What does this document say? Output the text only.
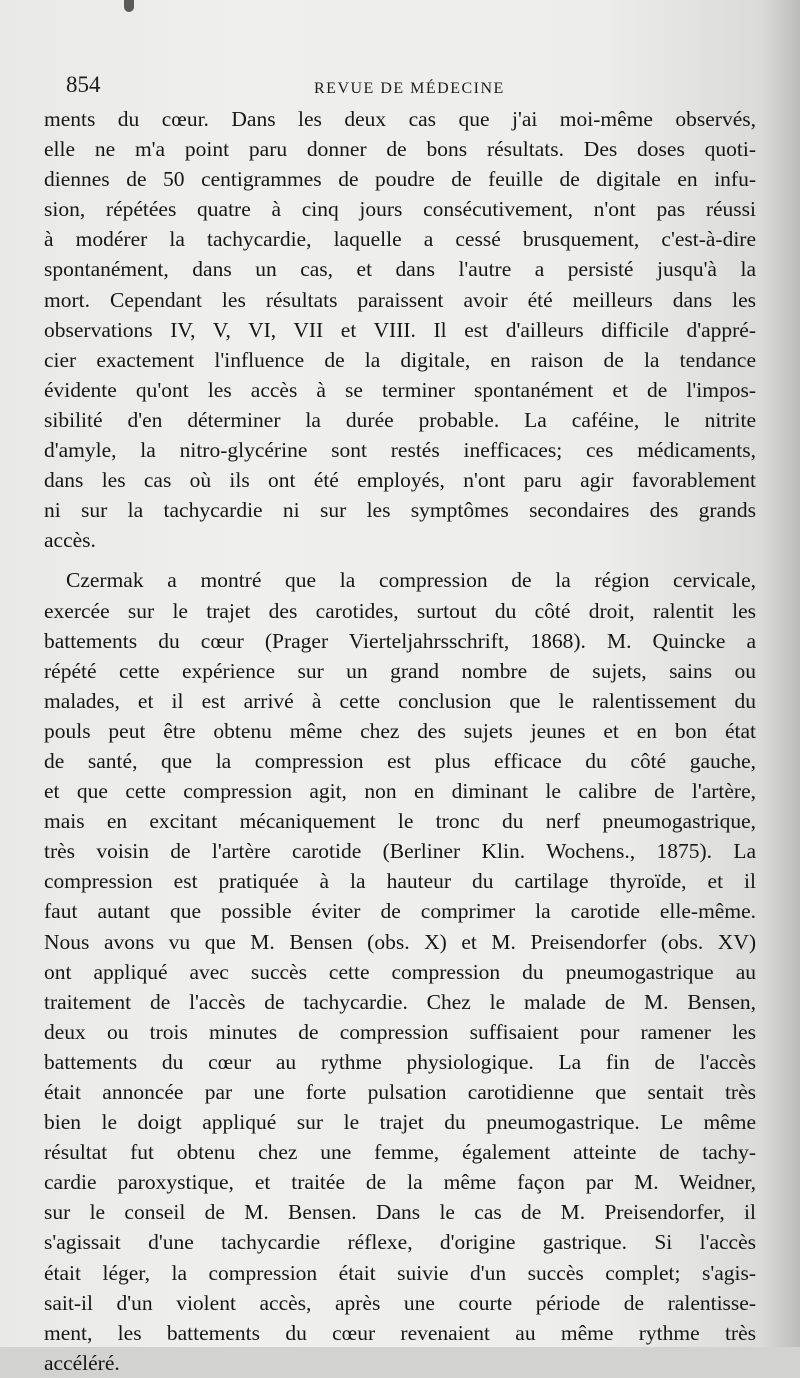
854	REVUE DE MÉDECINE
ments du cœur. Dans les deux cas que j'ai moi-même observés,
elle ne m'a point paru donner de bons résultats. Des doses quoti-
diennes de 50 centigrammes de poudre de feuille de digitale en infu-
sion, répétées quatre à cinq jours consécutivement, n'ont pas réussi
à modérer la tachycardie, laquelle a cessé brusquement, c'est-à-dire
spontanément, dans un cas, et dans l'autre a persisté jusqu'à la
mort. Cependant les résultats paraissent avoir été meilleurs dans les
observations IV, V, VI, VII et VIII. Il est d'ailleurs difficile d'appré-
cier exactement l'influence de la digitale, en raison de la tendance
évidente qu'ont les accès à se terminer spontanément et de l'impos-
sibilité d'en déterminer la durée probable. La caféine, le nitrite
d'amyle, la nitro-glycérine sont restés inefficaces; ces médicaments,
dans les cas où ils ont été employés, n'ont paru agir favorablement
ni sur la tachycardie ni sur les symptômes secondaires des grands
accès.
Czermak a montré que la compression de la région cervicale,
exercée sur le trajet des carotides, surtout du côté droit, ralentit les
battements du cœur (Prager Vierteljahrsschrift, 1868). M. Quincke a
répété cette expérience sur un grand nombre de sujets, sains ou
malades, et il est arrivé à cette conclusion que le ralentissement du
pouls peut être obtenu même chez des sujets jeunes et en bon état
de santé, que la compression est plus efficace du côté gauche,
et que cette compression agit, non en diminant le calibre de l'artère,
mais en excitant mécaniquement le tronc du nerf pneumogastrique,
très voisin de l'artère carotide (Berliner Klin. Wochens., 1875). La
compression est pratiquée à la hauteur du cartilage thyroïde, et il
faut autant que possible éviter de comprimer la carotide elle-même.
Nous avons vu que M. Bensen (obs. X) et M. Preisendorfer (obs. XV)
ont appliqué avec succès cette compression du pneumogastrique au
traitement de l'accès de tachycardie. Chez le malade de M. Bensen,
deux ou trois minutes de compression suffisaient pour ramener les
battements du cœur au rythme physiologique. La fin de l'accès
était annoncée par une forte pulsation carotidienne que sentait très
bien le doigt appliqué sur le trajet du pneumogastrique. Le même
résultat fut obtenu chez une femme, également atteinte de tachy-
cardie paroxystique, et traitée de la même façon par M. Weidner,
sur le conseil de M. Bensen. Dans le cas de M. Preisendorfer, il
s'agissait d'une tachycardie réflexe, d'origine gastrique. Si l'accès
était léger, la compression était suivie d'un succès complet; s'agis-
sait-il d'un violent accès, après une courte période de ralentisse-
ment, les battements du cœur revenaient au même rythme très
accéléré.
